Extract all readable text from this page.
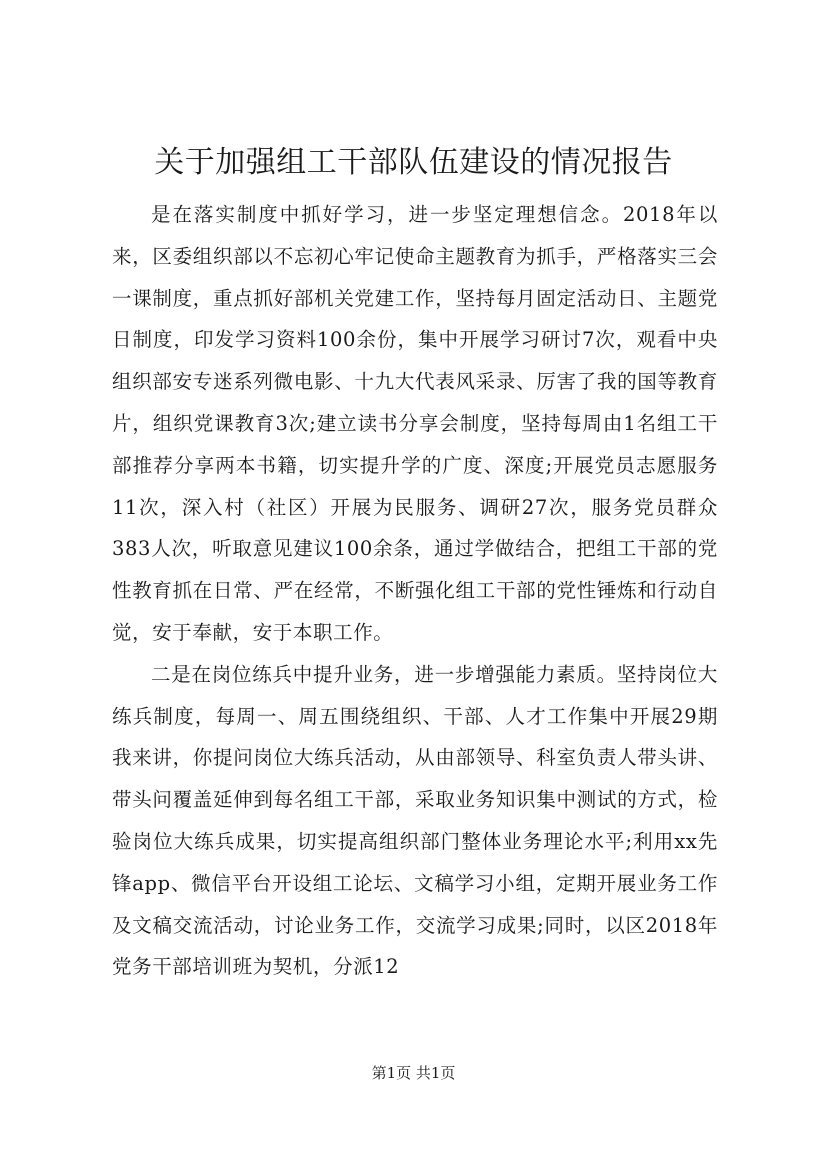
关于加强组工干部队伍建设的情况报告

是在落实制度中抓好学习，进一步坚定理想信念。2018年以来，区委组织部以不忘初心牢记使命主题教育为抓手，严格落实三会一课制度，重点抓好部机关党建工作，坚持每月固定活动日、主题党日制度，印发学习资料100余份，集中开展学习研讨7次，观看中央组织部安专迷系列微电影、十九大代表风采录、厉害了我的国等教育片，组织党课教育3次;建立读书分享会制度，坚持每周由1名组工干部推荐分享两本书籍，切实提升学的广度、深度;开展党员志愿服务11次，深入村（社区）开展为民服务、调研27次，服务党员群众383人次，听取意见建议100余条，通过学做结合，把组工干部的党性教育抓在日常、严在经常，不断强化组工干部的党性锤炼和行动自觉，安于奉献，安于本职工作。

二是在岗位练兵中提升业务，进一步增强能力素质。坚持岗位大练兵制度，每周一、周五围绕组织、干部、人才工作集中开展29期我来讲，你提问岗位大练兵活动，从由部领导、科室负责人带头讲、带头问覆盖延伸到每名组工干部，采取业务知识集中测试的方式，检验岗位大练兵成果，切实提高组织部门整体业务理论水平;利用xx先锋app、微信平台开设组工论坛、文稿学习小组，定期开展业务工作及文稿交流活动，讨论业务工作，交流学习成果;同时，以区2018年党务干部培训班为契机，分派12

第1页 共1页
